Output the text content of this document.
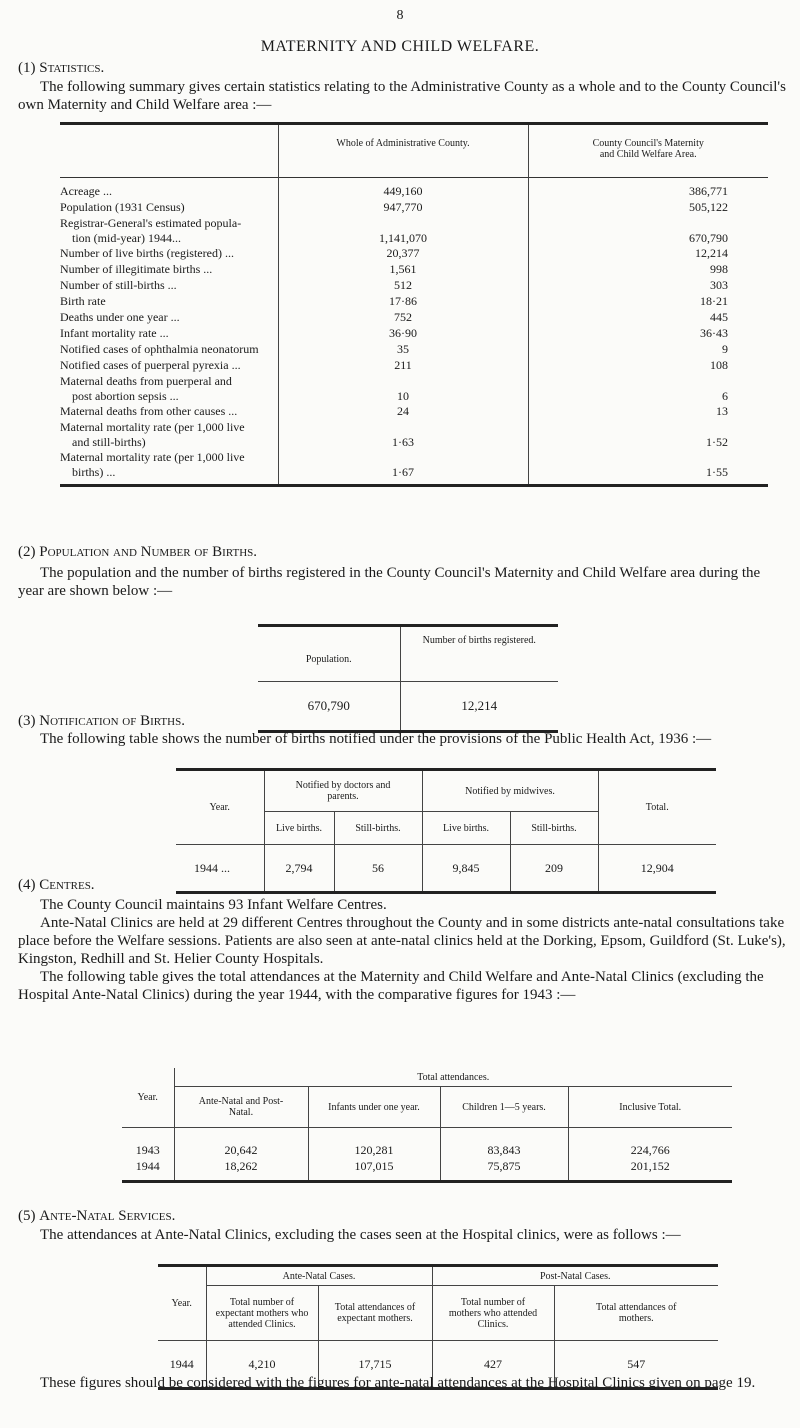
8
MATERNITY AND CHILD WELFARE.
(1) Statistics.
The following summary gives certain statistics relating to the Administrative County as a whole and to the County Council's own Maternity and Child Welfare area :—
	Whole of Administrative County.	County Council's Maternity and Child Welfare Area.

Acreage ...	449,160	386,771

Population (1931 Census)	947,770	505,122

Registrar-General's estimated popula-
tion (mid-year) 1944...	1,141,070	670,790

Number of live births (registered) ...	20,377	12,214

Number of illegitimate births ...	1,561	998

Number of still-births ...	512	303

Birth rate	17·86	18·21

Deaths under one year ...	752	445

Infant mortality rate ...	36·90	36·43

Notified cases of ophthalmia neonatorum	35	9

Notified cases of puerperal pyrexia ...	211	108

Maternal deaths from puerperal and
post abortion sepsis ...	10	6

Maternal deaths from other causes ...	24	13

Maternal mortality rate (per 1,000 live
and still-births)	1·63	1·52

Maternal mortality rate (per 1,000 live
births) ...	1·67	1·55

(2) Population and Number of Births.
The population and the number of births registered in the County Council's Maternity and Child Welfare area during the year are shown below :—
Population.	Number of births registered.
670,790	12,214
(3) Notification of Births.
The following table shows the number of births notified under the provisions of the Public Health Act, 1936 :—
Year.	Notified by doctors and parents.		Notified by midwives.		Total.
	Live births.	Still-births.	Live births.	Still-births.	
1944 ...	2,794	56	9,845	209	12,904
(4) Centres.
The County Council maintains 93 Infant Welfare Centres.
Ante-Natal Clinics are held at 29 different Centres throughout the County and in some districts ante-natal consultations take place before the Welfare sessions. Patients are also seen at ante-natal clinics held at the Dorking, Epsom, Guildford (St. Luke's), Kingston, Redhill and St. Helier County Hospitals.
The following table gives the total attendances at the Maternity and Child Welfare and Ante-Natal Clinics (excluding the Hospital Ante-Natal Clinics) during the year 1944, with the comparative figures for 1943 :—
Year.	Total attendances.			
	Ante-Natal and Post-Natal.	Infants under one year.	Children 1—5 years.	Inclusive Total.

1943	20,642	120,281	83,843	224,766
1944	18,262	107,015	75,875	201,152

(5) Ante-Natal Services.
The attendances at Ante-Natal Clinics, excluding the cases seen at the Hospital clinics, were as follows :—
Year.	Ante-Natal Cases.		Post-Natal Cases.	
	Total number of expectant mothers who attended Clinics.	Total attendances of expectant mothers.	Total number of mothers who attended Clinics.	Total attendances of mothers.
1944	4,210	17,715	427	547
These figures should be considered with the figures for ante-natal attendances at the Hospital Clinics given on page 19.
